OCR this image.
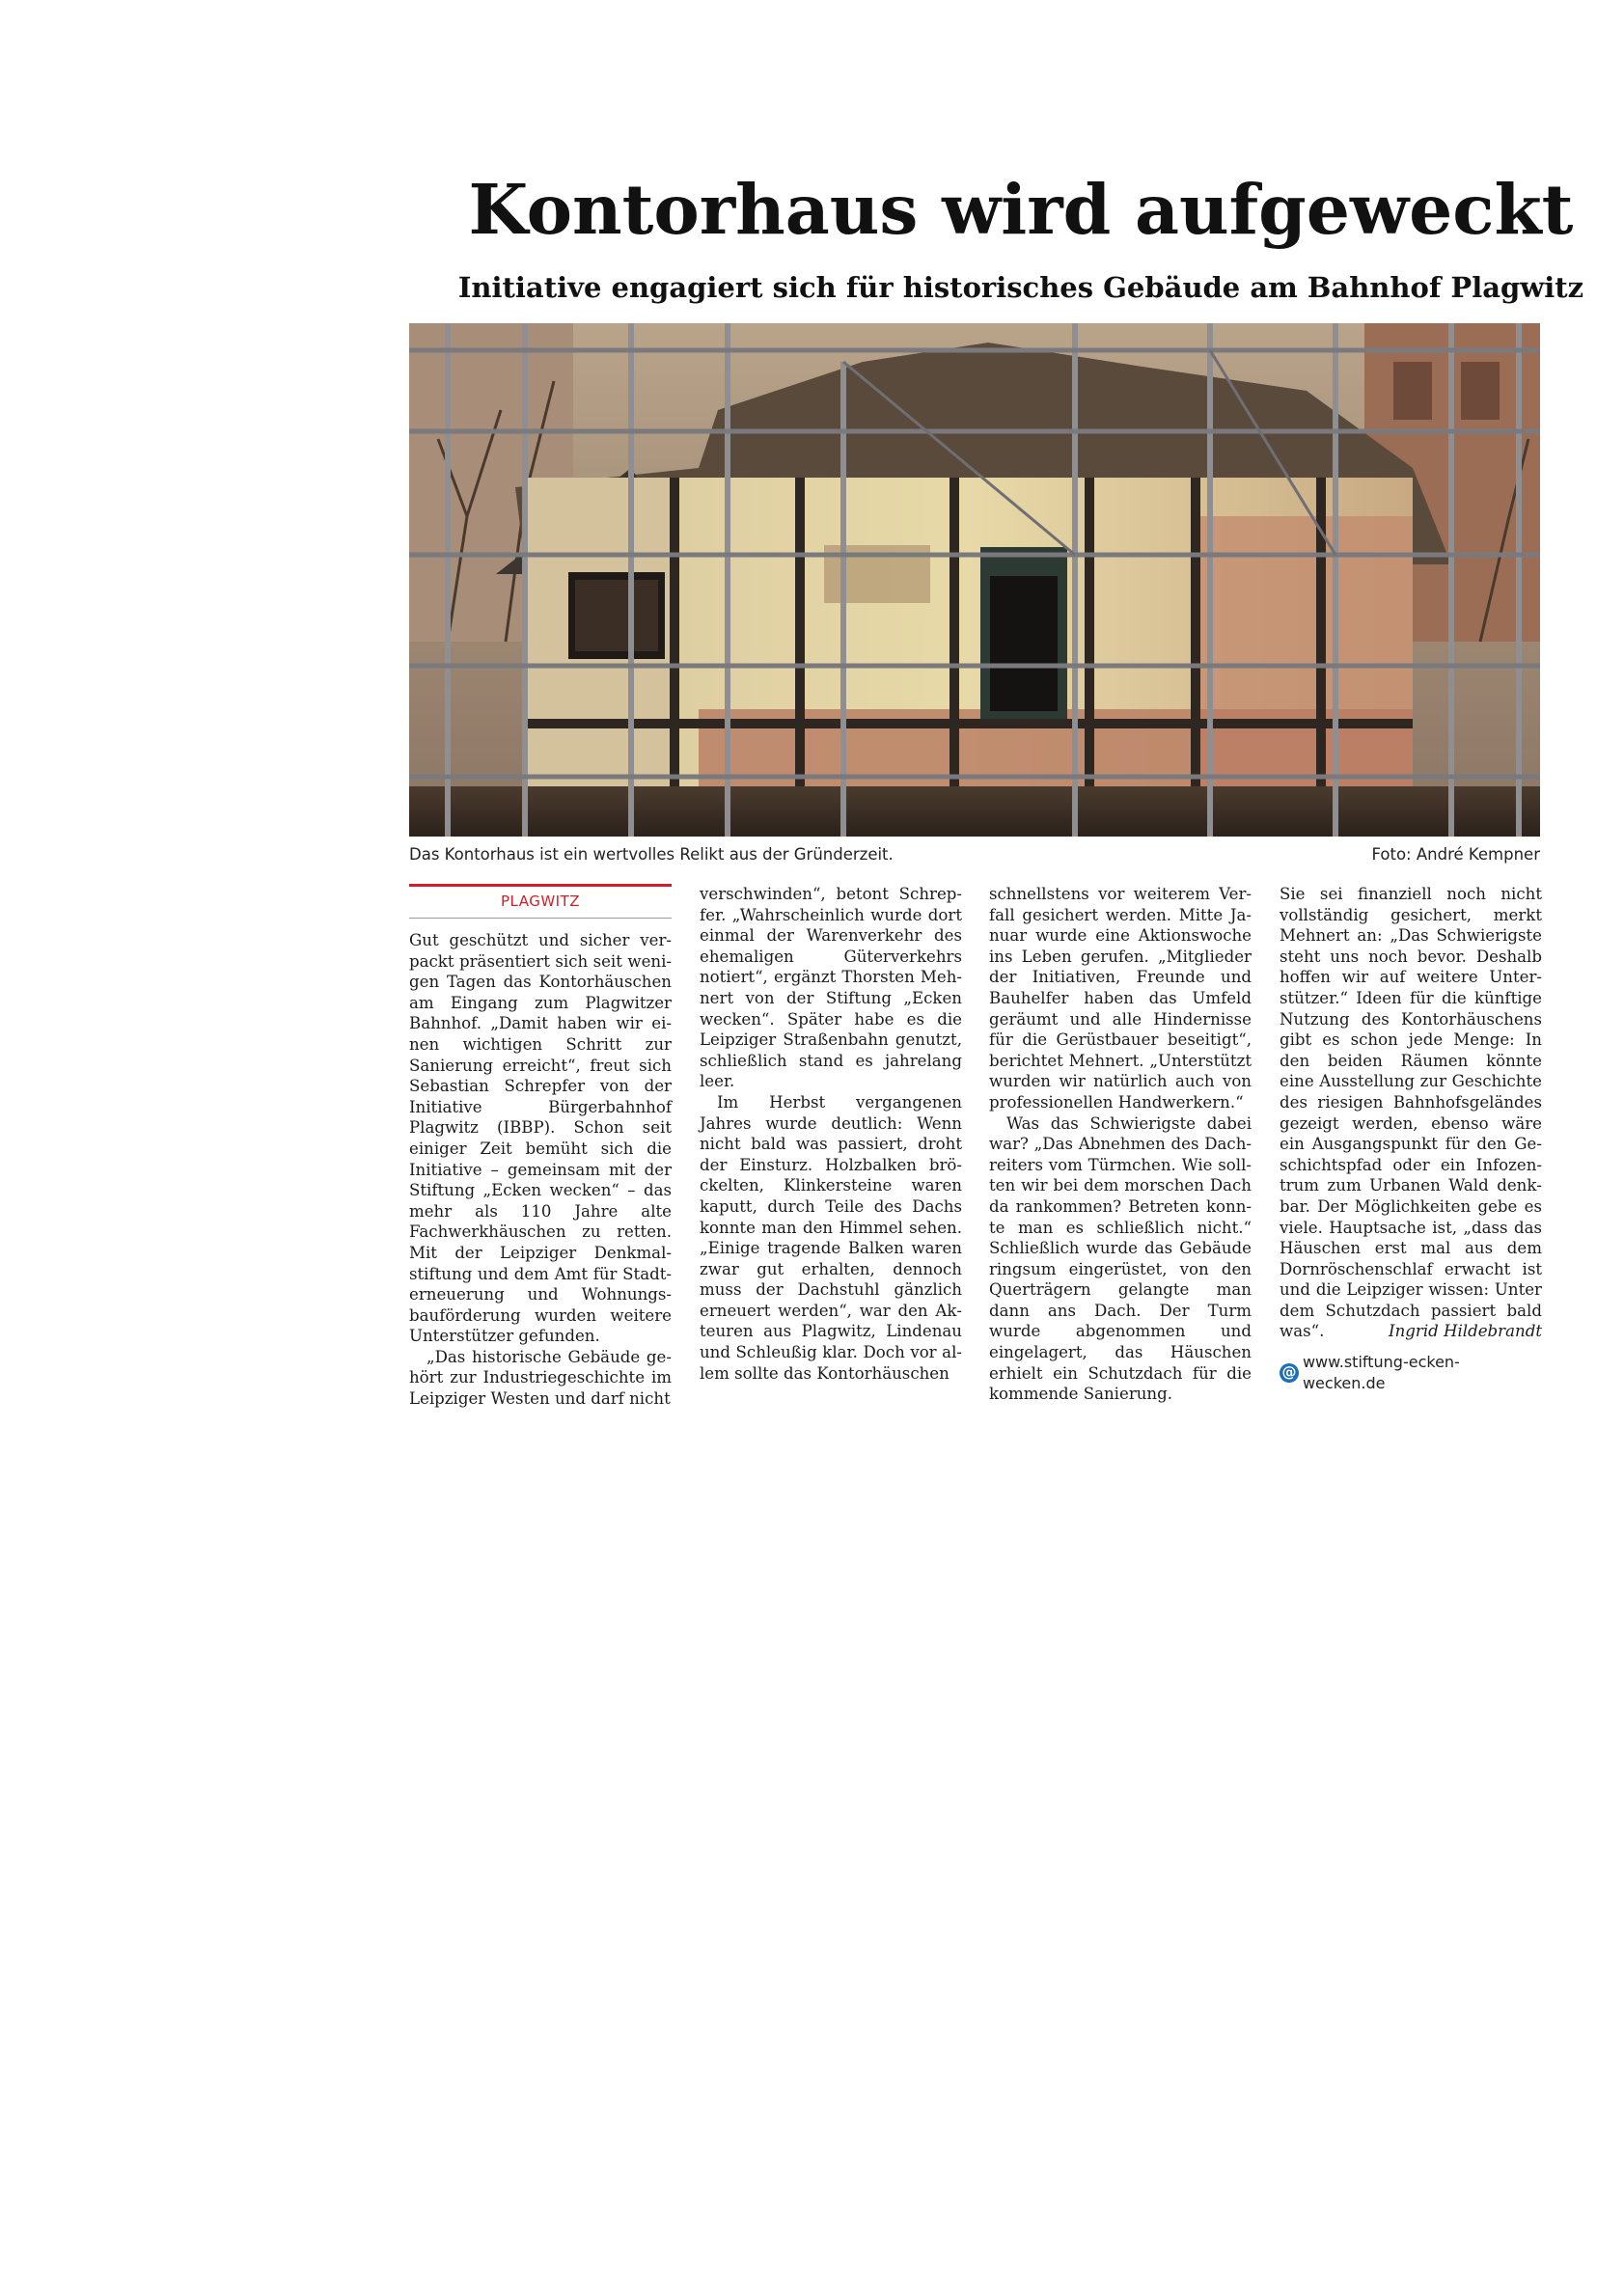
Kontorhaus wird aufgeweckt
Initiative engagiert sich für historisches Gebäude am Bahnhof Plagwitz
Das Kontorhaus ist ein wertvolles Relikt aus der Gründerzeit.	Foto: André Kempner
PLAGWITZ

Gut geschützt und sicher verpackt präsentiert sich seit wenigen Tagen das Kontorhäuschen am Eingang zum Plagwitzer Bahnhof. „Damit haben wir einen wichtigen Schritt zur Sanierung erreicht“, freut sich Sebastian Schrepfer von der Initiative Bürgerbahnhof Plagwitz (IBBP). Schon seit einiger Zeit bemüht sich die Initiative – gemeinsam mit der Stiftung „Ecken wecken“ – das mehr als 110 Jahre alte Fachwerkhäuschen zu retten. Mit der Leipziger Denkmalstiftung und dem Amt für Stadterneuerung und Wohnungsbauförderung wurden weitere Unterstützer gefunden.

„Das historische Gebäude gehört zur Industriegeschichte im Leipziger Westen und darf nicht

verschwinden“, betont Schrepfer. „Wahrscheinlich wurde dort einmal der Warenverkehr des ehemaligen Güterverkehrs notiert“, ergänzt Thorsten Mehnert von der Stiftung „Ecken wecken“. Später habe es die Leipziger Straßenbahn genutzt, schließlich stand es jahrelang leer.

Im Herbst vergangenen Jahres wurde deutlich: Wenn nicht bald was passiert, droht der Einsturz. Holzbalken bröckelten, Klinkersteine waren kaputt, durch Teile des Dachs konnte man den Himmel sehen. „Einige tragende Balken waren zwar gut erhalten, dennoch muss der Dachstuhl gänzlich erneuert werden“, war den Akteuren aus Plagwitz, Lindenau und Schleußig klar. Doch vor allem sollte das Kontorhäuschen

schnellstens vor weiterem Verfall gesichert werden. Mitte Januar wurde eine Aktionswoche ins Leben gerufen. „Mitglieder der Initiativen, Freunde und Bauhelfer haben das Umfeld geräumt und alle Hindernisse für die Gerüstbauer beseitigt“, berichtet Mehnert. „Unterstützt wurden wir natürlich auch von professionellen Handwerkern.“

Was das Schwierigste dabei war? „Das Abnehmen des Dachreiters vom Türmchen. Wie sollten wir bei dem morschen Dach da rankommen? Betreten konnte man es schließlich nicht.“ Schließlich wurde das Gebäude ringsum eingerüstet, von den Querträgern gelangte man dann ans Dach. Der Turm wurde abgenommen und eingelagert, das Häuschen erhielt ein Schutzdach für die kommende Sanierung.

Sie sei finanziell noch nicht vollständig gesichert, merkt Mehnert an: „Das Schwierigste steht uns noch bevor. Deshalb hoffen wir auf weitere Unterstützer.“ Ideen für die künftige Nutzung des Kontorhäuschens gibt es schon jede Menge: In den beiden Räumen könnte eine Ausstellung zur Geschichte des riesigen Bahnhofsgeländes gezeigt werden, ebenso wäre ein Ausgangspunkt für den Geschichtspfad oder ein Infozentrum zum Urbanen Wald denkbar. Der Möglichkeiten gebe es viele. Hauptsache ist, „dass das Häuschen erst mal aus dem Dornröschenschlaf erwacht ist und die Leipziger wissen: Unter dem Schutzdach passiert bald was“.	Ingrid Hildebrandt

@
www.stiftung-ecken-wecken.de
